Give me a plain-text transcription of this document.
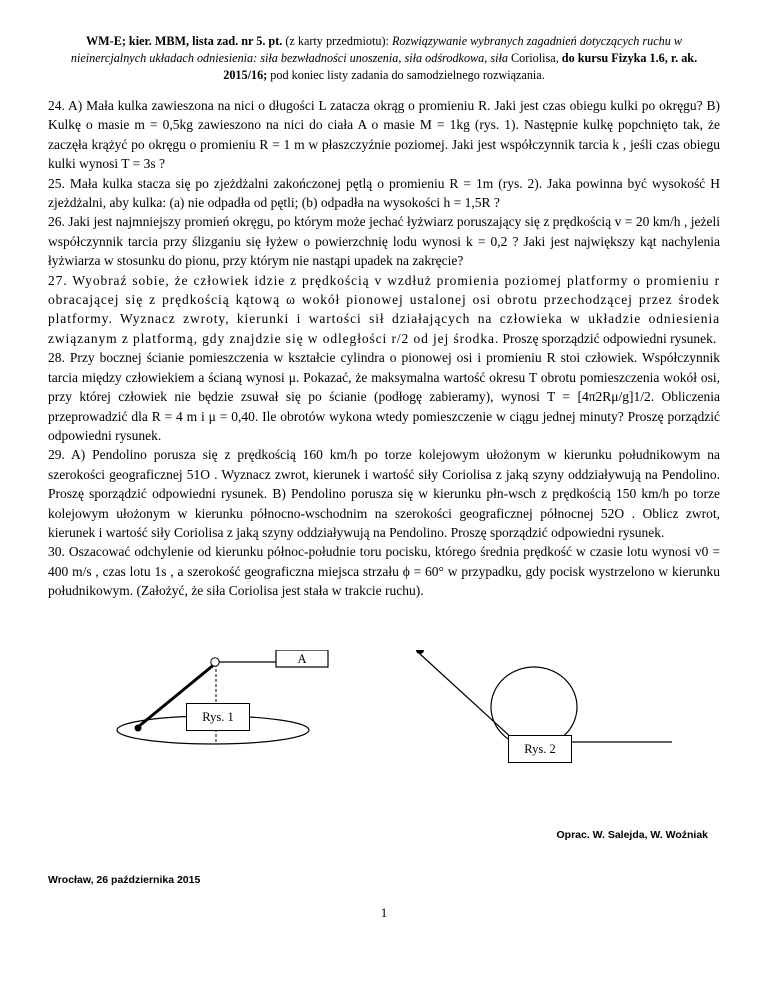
WM-E; kier. MBM, lista zad. nr 5. pt. (z karty przedmiotu): Rozwiązywanie wybranych zagadnień dotyczących ruchu w nieinercjalnych układach odniesienia: siła bezwładności unoszenia, siła odśrodkowa, siła Coriolisa, do kursu Fizyka 1.6, r. ak. 2015/16; pod koniec listy zadania do samodzielnego rozwiązania.

24. A) Mała kulka zawieszona na nici o długości L zatacza okrąg o promieniu R. Jaki jest czas obiegu kulki po okręgu? B) Kulkę o masie m = 0,5kg zawieszono na nici do ciała A o masie M = 1kg (rys. 1). Następnie kulkę popchnięto tak, że zaczęła krążyć po okręgu o promieniu R = 1 m w płaszczyźnie poziomej. Jaki jest współczynnik tarcia k , jeśli czas obiegu kulki wynosi T = 3s ?

25. Mała kulka stacza się po zjeżdżalni zakończonej pętlą o promieniu R = 1m (rys. 2). Jaka powinna być wysokość H zjeżdżalni, aby kulka: (a) nie odpadła od pętli; (b) odpadła na wysokości h = 1,5R ?

26. Jaki jest najmniejszy promień okręgu, po którym może jechać łyżwiarz poruszający się z prędkością v = 20 km/h , jeżeli współczynnik tarcia przy ślizganiu się łyżew o powierzchnię lodu wynosi k = 0,2 ? Jaki jest największy kąt nachylenia łyżwiarza w stosunku do pionu, przy którym nie nastąpi upadek na zakręcie?

27. Wyobraź sobie, że człowiek idzie z prędkością v wzdłuż promienia poziomej platformy o promieniu r obracającej się z prędkością kątową ω wokół pionowej ustalonej osi obrotu przechodzącej przez środek platformy. Wyznacz zwroty, kierunki i wartości sił działających na człowieka w układzie odniesienia związanym z platformą, gdy znajdzie się w odległości r/2 od jej środka. Proszę sporządzić odpowiedni rysunek.

28. Przy bocznej ścianie pomieszczenia w kształcie cylindra o pionowej osi i promieniu R stoi człowiek. Współczynnik tarcia między człowiekiem a ścianą wynosi μ. Pokazać, że maksymalna wartość okresu T obrotu pomieszczenia wokół osi, przy której człowiek nie będzie zsuwał się po ścianie (podłogę zabieramy), wynosi T = [4π2Rμ/g]1/2. Obliczenia przeprowadzić dla R = 4 m i μ = 0,40. Ile obrotów wykona wtedy pomieszczenie w ciągu jednej minuty? Proszę porządzić odpowiedni rysunek.

29. A) Pendolino porusza się z prędkością 160 km/h po torze kolejowym ułożonym w kierunku południkowym na szerokości geograficznej 51O . Wyznacz zwrot, kierunek i wartość siły Coriolisa z jaką szyny oddziaływują na Pendolino. Proszę sporządzić odpowiedni rysunek. B) Pendolino porusza się w kierunku płn-wsch z prędkością 150 km/h po torze kolejowym ułożonym w kierunku północno-wschodnim na szerokości geograficznej północnej 52O . Oblicz zwrot, kierunek i wartość siły Coriolisa z jaką szyny oddziaływują na Pendolino. Proszę sporządzić odpowiedni rysunek.

30. Oszacować odchylenie od kierunku północ-południe toru pocisku, którego średnia prędkość w czasie lotu wynosi v0 = 400 m/s , czas lotu 1s , a szerokość geograficzna miejsca strzału ϕ = 60° w przypadku, gdy pocisk wystrzelono w kierunku południkowym. (Założyć, że siła Coriolisa jest stała w trakcie ruchu).

A
Rys. 1
Rys. 2
Oprac. W. Salejda, W. Woźniak
Wrocław, 26 października 2015
1
